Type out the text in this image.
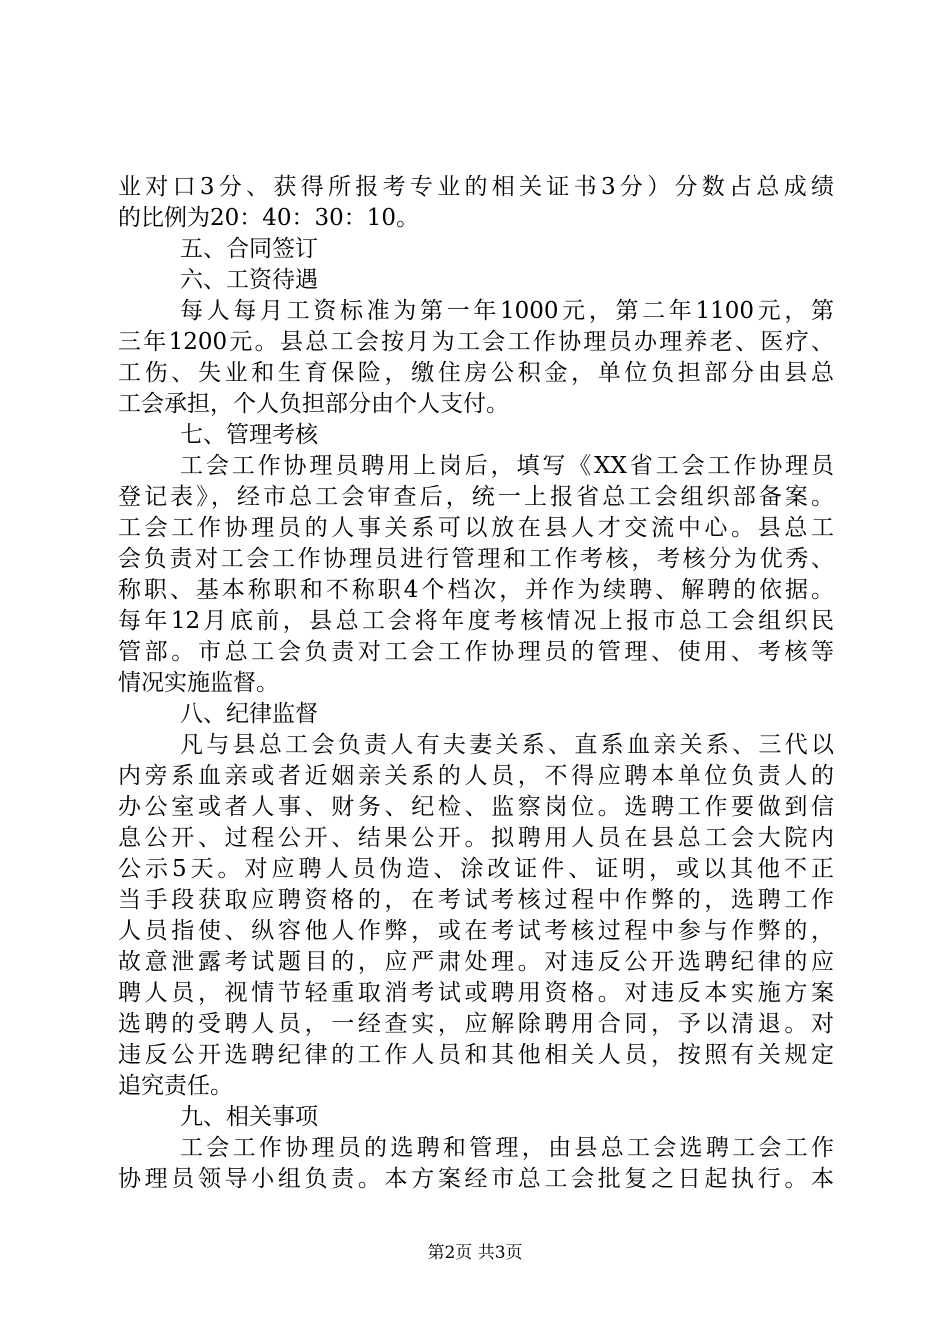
业对口3分、获得所报考专业的相关证书3分）分数占总成绩
的比例为20：40：30：10。
五、合同签订
六、工资待遇
每人每月工资标准为第一年1000元，第二年1100元，第
三年1200元。县总工会按月为工会工作协理员办理养老、医疗、
工伤、失业和生育保险，缴住房公积金，单位负担部分由县总
工会承担，个人负担部分由个人支付。
七、管理考核
工会工作协理员聘用上岗后，填写《XX省工会工作协理员
登记表》，经市总工会审查后，统一上报省总工会组织部备案。
工会工作协理员的人事关系可以放在县人才交流中心。县总工
会负责对工会工作协理员进行管理和工作考核，考核分为优秀、
称职、基本称职和不称职4个档次，并作为续聘、解聘的依据。
每年12月底前，县总工会将年度考核情况上报市总工会组织民
管部。市总工会负责对工会工作协理员的管理、使用、考核等
情况实施监督。
八、纪律监督
凡与县总工会负责人有夫妻关系、直系血亲关系、三代以
内旁系血亲或者近姻亲关系的人员，不得应聘本单位负责人的
办公室或者人事、财务、纪检、监察岗位。选聘工作要做到信
息公开、过程公开、结果公开。拟聘用人员在县总工会大院内
公示5天。对应聘人员伪造、涂改证件、证明，或以其他不正
当手段获取应聘资格的，在考试考核过程中作弊的，选聘工作
人员指使、纵容他人作弊，或在考试考核过程中参与作弊的，
故意泄露考试题目的，应严肃处理。对违反公开选聘纪律的应
聘人员，视情节轻重取消考试或聘用资格。对违反本实施方案
选聘的受聘人员，一经查实，应解除聘用合同，予以清退。对
违反公开选聘纪律的工作人员和其他相关人员，按照有关规定
追究责任。
九、相关事项
工会工作协理员的选聘和管理，由县总工会选聘工会工作
协理员领导小组负责。本方案经市总工会批复之日起执行。本
第2页 共3页
